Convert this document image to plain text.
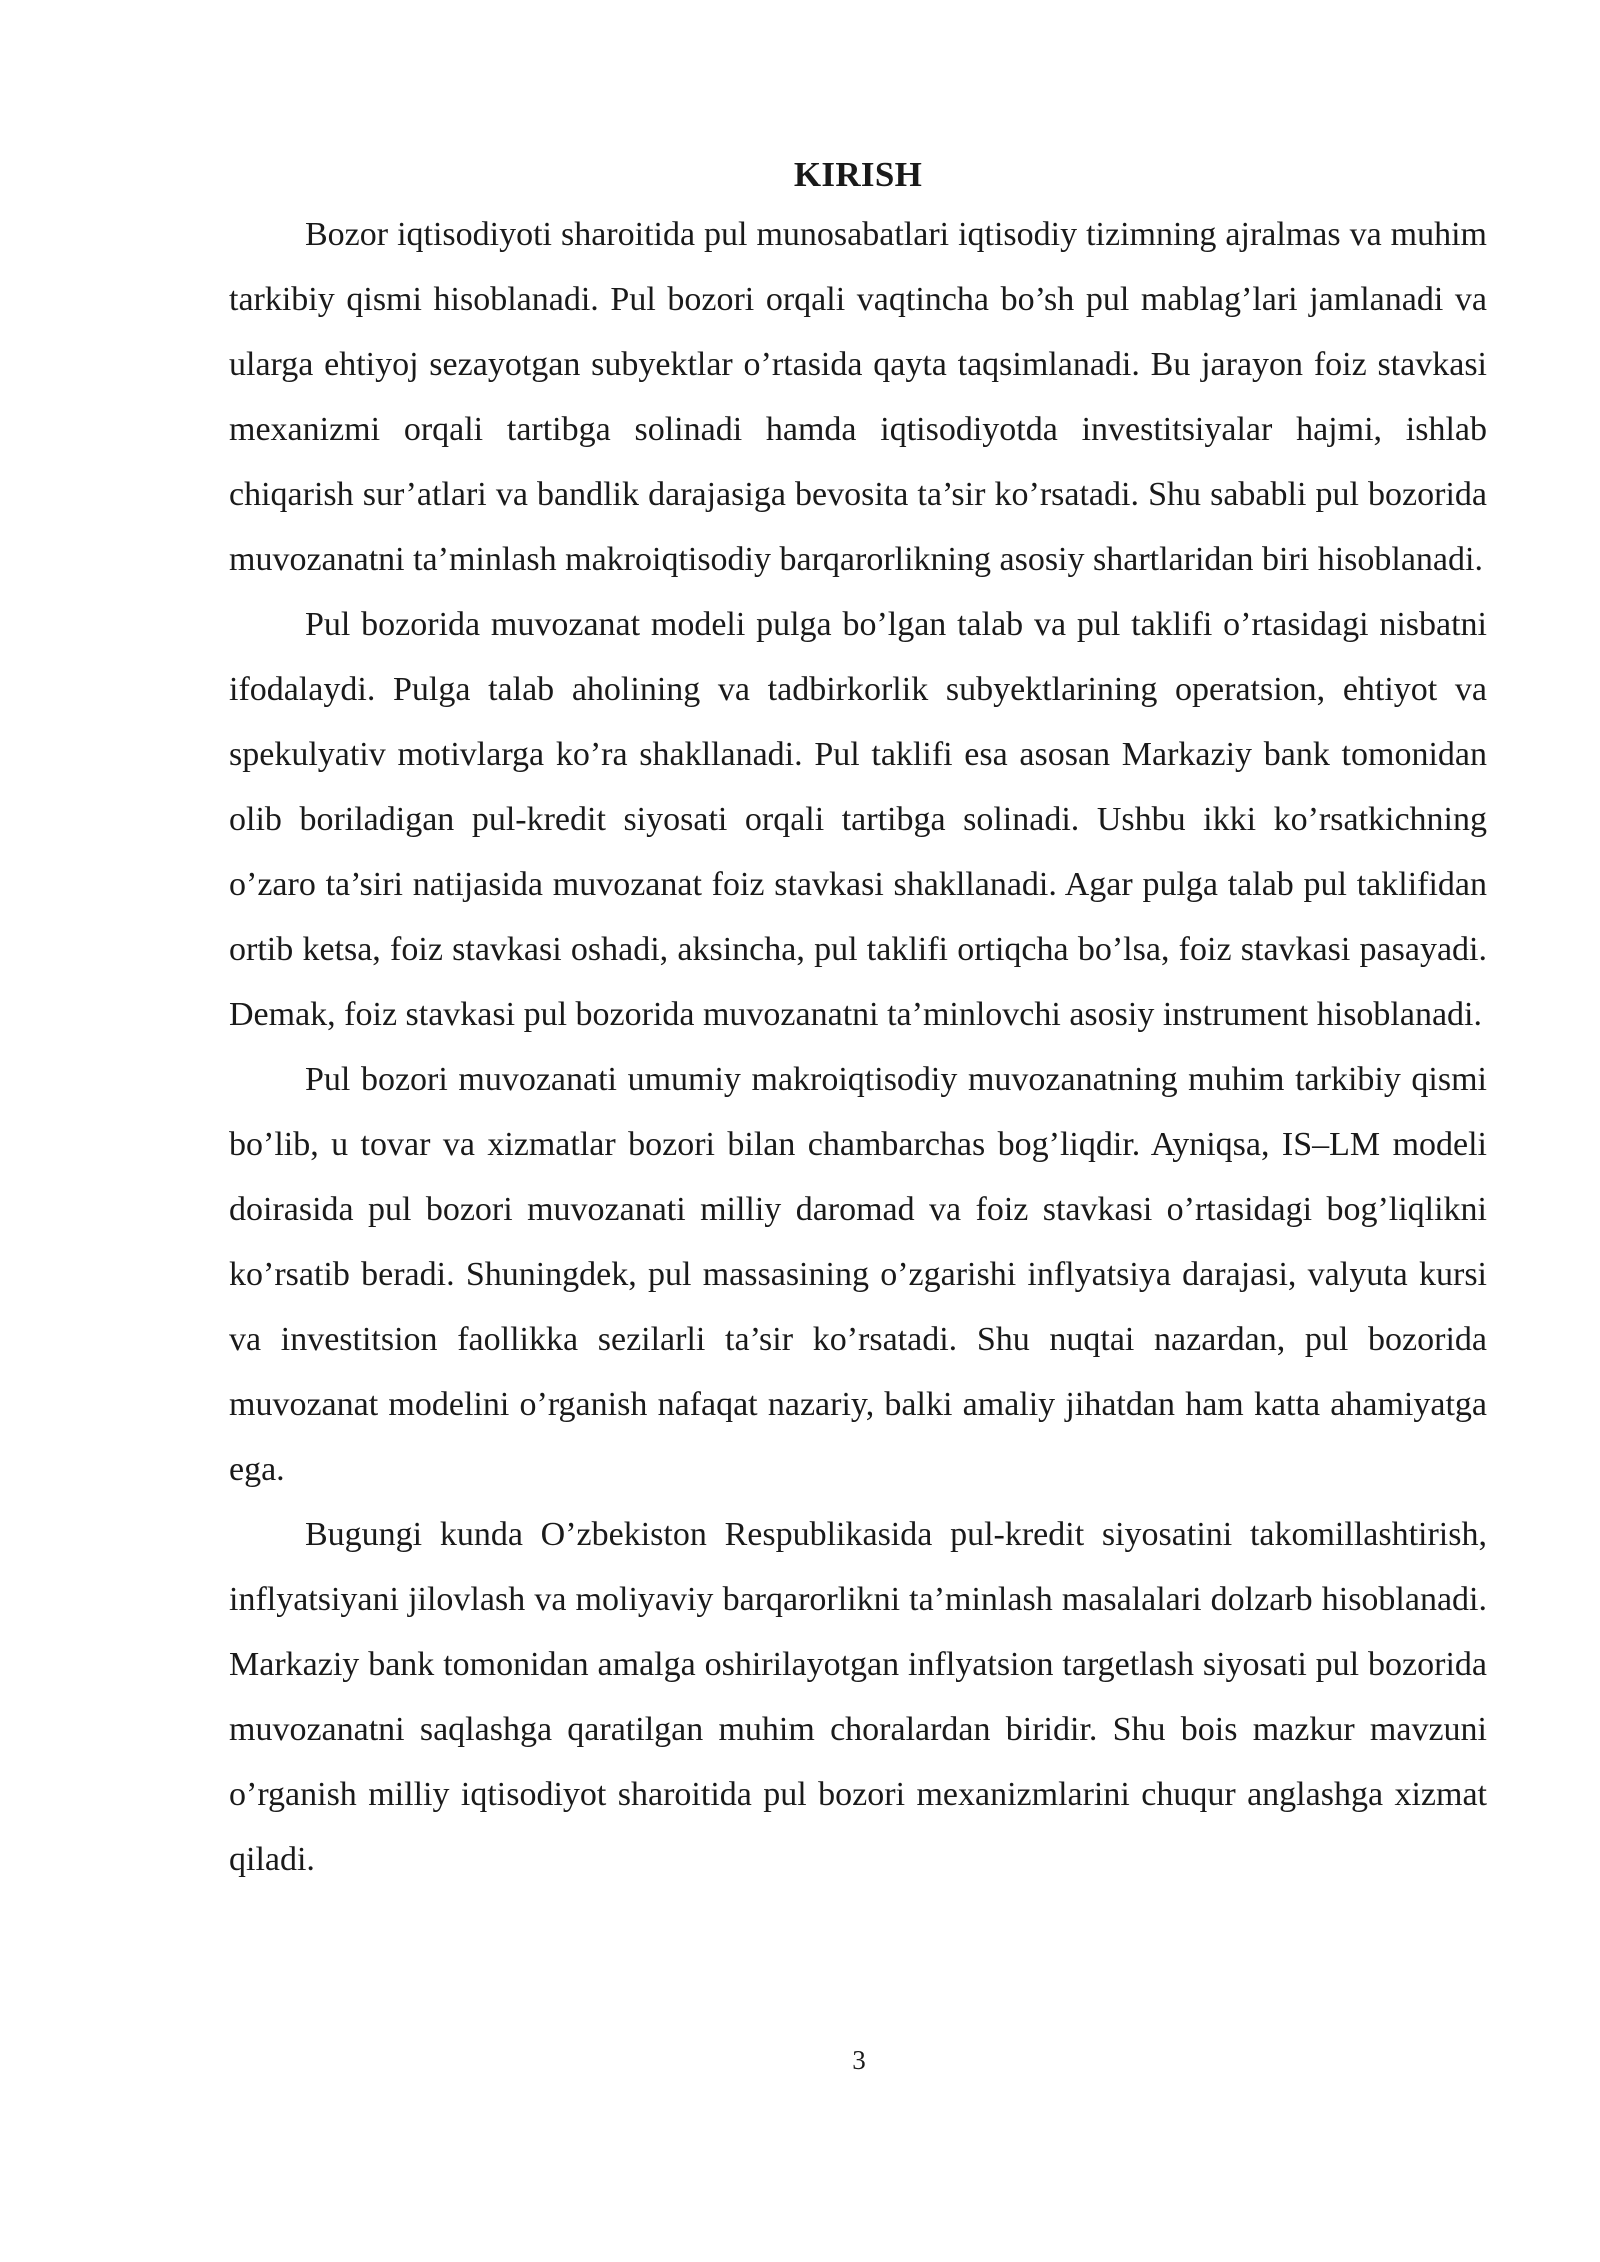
KIRISH

Bozor iqtisodiyoti sharoitida pul munosabatlari iqtisodiy tizimning ajralmas va muhim tarkibiy qismi hisoblanadi. Pul bozori orqali vaqtincha bo’sh pul mablag’lari jamlanadi va ularga ehtiyoj sezayotgan subyektlar o’rtasida qayta taqsimlanadi. Bu jarayon foiz stavkasi mexanizmi orqali tartibga solinadi hamda iqtisodiyotda investitsiyalar hajmi, ishlab chiqarish sur’atlari va bandlik darajasiga bevosita ta’sir ko’rsatadi. Shu sababli pul bozorida muvozanatni ta’minlash makroiqtisodiy barqarorlikning asosiy shartlaridan biri hisoblanadi.

Pul bozorida muvozanat modeli pulga bo’lgan talab va pul taklifi o’rtasidagi nisbatni ifodalaydi. Pulga talab aholining va tadbirkorlik subyektlarining operatsion, ehtiyot va spekulyativ motivlarga ko’ra shakllanadi. Pul taklifi esa asosan Markaziy bank tomonidan olib boriladigan pul-kredit siyosati orqali tartibga solinadi. Ushbu ikki ko’rsatkichning o’zaro ta’siri natijasida muvozanat foiz stavkasi shakllanadi. Agar pulga talab pul taklifidan ortib ketsa, foiz stavkasi oshadi, aksincha, pul taklifi ortiqcha bo’lsa, foiz stavkasi pasayadi. Demak, foiz stavkasi pul bozorida muvozanatni ta’minlovchi asosiy instrument hisoblanadi.

Pul bozori muvozanati umumiy makroiqtisodiy muvozanatning muhim tarkibiy qismi bo’lib, u tovar va xizmatlar bozori bilan chambarchas bog’liqdir. Ayniqsa, IS–LM modeli doirasida pul bozori muvozanati milliy daromad va foiz stavkasi o’rtasidagi bog’liqlikni ko’rsatib beradi. Shuningdek, pul massasining o’zgarishi inflyatsiya darajasi, valyuta kursi va investitsion faollikka sezilarli ta’sir ko’rsatadi. Shu nuqtai nazardan, pul bozorida muvozanat modelini o’rganish nafaqat nazariy, balki amaliy jihatdan ham katta ahamiyatga ega.

Bugungi kunda O’zbekiston Respublikasida pul-kredit siyosatini takomillashtirish, inflyatsiyani jilovlash va moliyaviy barqarorlikni ta’minlash masalalari dolzarb hisoblanadi. Markaziy bank tomonidan amalga oshirilayotgan inflyatsion targetlash siyosati pul bozorida muvozanatni saqlashga qaratilgan muhim choralardan biridir. Shu bois mazkur mavzuni o’rganish milliy iqtisodiyot sharoitida pul bozori mexanizmlarini chuqur anglashga xizmat qiladi.

3
